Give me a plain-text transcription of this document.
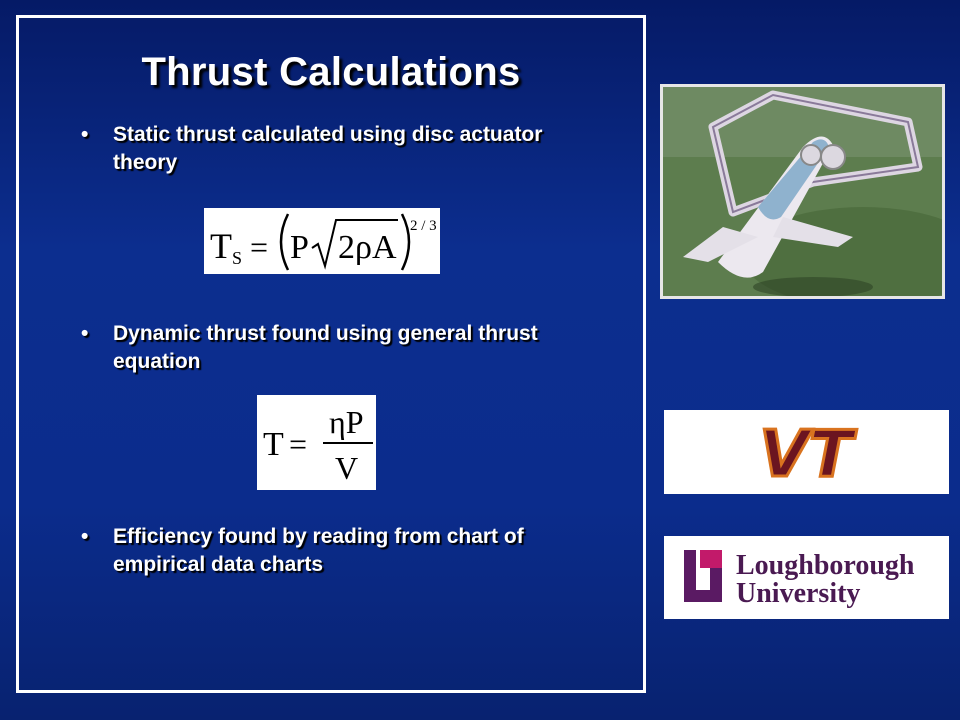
Thrust Calculations
•	Static thrust calculated using disc actuator theory
•	Dynamic thrust found using general thrust equation
•	Efficiency found by reading from chart of empirical data charts
T S = P 2ρA
2 / 3
T =
ηP
V	VT
Loughborough
University
